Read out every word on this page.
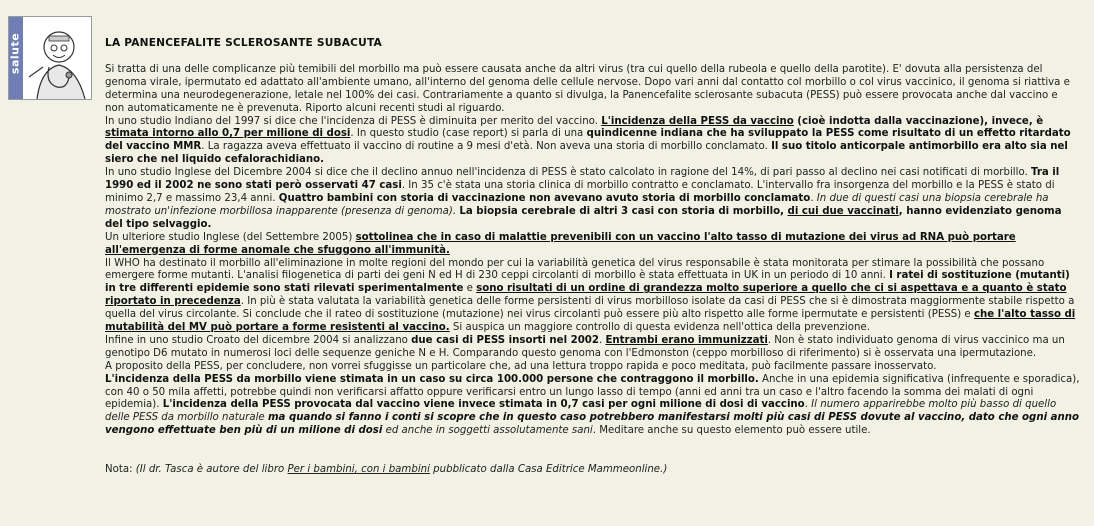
salute	LA PANENCEFALITE SCLEROSANTE SUBACUTA

Si tratta di una delle complicanze più temibili del morbillo ma può essere causata anche da altri virus (tra cui quello della rubeola e quello della parotite). E' dovuta alla persistenza del genoma virale, ipermutato ed adattato all'ambiente umano, all'interno del genoma delle cellule nervose. Dopo vari anni dal contatto col morbillo o col virus vaccinico, il genoma si riattiva e determina una neurodegenerazione, letale nel 100% dei casi. Contrariamente a quanto si divulga, la Panencefalite sclerosante subacuta (PESS) può essere provocata anche dal vaccino e non automaticamente ne è prevenuta. Riporto alcuni recenti studi al riguardo.

In uno studio Indiano del 1997 si dice che l'incidenza di PESS è diminuita per merito del vaccino. L'incidenza della PESS da vaccino (cioè indotta dalla vaccinazione), invece, è stimata intorno allo 0,7 per milione di dosi. In questo studio (case report) si parla di una quindicenne indiana che ha sviluppato la PESS come risultato di un effetto ritardato del vaccino MMR. La ragazza aveva effettuato il vaccino di routine a 9 mesi d'età. Non aveva una storia di morbillo conclamato. Il suo titolo anticorpale antimorbillo era alto sia nel siero che nel liquido cefalorachidiano.

In uno studio Inglese del Dicembre 2004 si dice che il declino annuo nell'incidenza di PESS è stato calcolato in ragione del 14%, di pari passo al declino nei casi notificati di morbillo. Tra il 1990 ed il 2002 ne sono stati però osservati 47 casi. In 35 c'è stata una storia clinica di morbillo contratto e conclamato. L'intervallo fra insorgenza del morbillo e la PESS è stato di minimo 2,7 e massimo 23,4 anni. Quattro bambini con storia di vaccinazione non avevano avuto storia di morbillo conclamato. In due di questi casi una biopsia cerebrale ha mostrato un'infezione morbillosa inapparente (presenza di genoma). La biopsia cerebrale di altri 3 casi con storia di morbillo, di cui due vaccinati, hanno evidenziato genoma del tipo selvaggio.

Un ulteriore studio Inglese (del Settembre 2005) sottolinea che in caso di malattie prevenibili con un vaccino l'alto tasso di mutazione dei virus ad RNA può portare all'emergenza di forme anomale che sfuggono all'immunità.

Il WHO ha destinato il morbillo all'eliminazione in molte regioni del mondo per cui la variabilità genetica del virus responsabile è stata monitorata per stimare la possibilità che possano emergere forme mutanti. L'analisi filogenetica di parti dei geni N ed H di 230 ceppi circolanti di morbillo è stata effettuata in UK in un periodo di 10 anni. I ratei di sostituzione (mutanti) in tre differenti epidemie sono stati rilevati sperimentalmente e sono risultati di un ordine di grandezza molto superiore a quello che ci si aspettava e a quanto è stato riportato in precedenza. In più è stata valutata la variabilità genetica delle forme persistenti di virus morbilloso isolate da casi di PESS che si è dimostrata maggiormente stabile rispetto a quella del virus circolante. Si conclude che il rateo di sostituzione (mutazione) nei virus circolanti può essere più alto rispetto alle forme ipermutate e persistenti (PESS) e che l'alto tasso di mutabilità del MV può portare a forme resistenti al vaccino. Si auspica un maggiore controllo di questa evidenza nell'ottica della prevenzione.

Infine in uno studio Croato del dicembre 2004 si analizzano due casi di PESS insorti nel 2002. Entrambi erano immunizzati. Non è stato individuato genoma di virus vaccinico ma un genotipo D6 mutato in numerosi loci delle sequenze geniche N e H. Comparando questo genoma con l'Edmonston (ceppo morbilloso di riferimento) si è osservata una ipermutazione.

A proposito della PESS, per concludere, non vorrei sfuggisse un particolare che, ad una lettura troppo rapida e poco meditata, può facilmente passare inosservato.

L'incidenza della PESS da morbillo viene stimata in un caso su circa 100.000 persone che contraggono il morbillo. Anche in una epidemia significativa (infrequente e sporadica), con 40 o 50 mila affetti, potrebbe quindi non verificarsi affatto oppure verificarsi entro un lungo lasso di tempo (anni ed anni tra un caso e l'altro facendo la somma dei malati di ogni epidemia). L'incidenza della PESS provocata dal vaccino viene invece stimata in 0,7 casi per ogni milione di dosi di vaccino. Il numero apparirebbe molto più basso di quello delle PESS da morbillo naturale ma quando si fanno i conti si scopre che in questo caso potrebbero manifestarsi molti più casi di PESS dovute al vaccino, dato che ogni anno vengono effettuate ben più di un milione di dosi ed anche in soggetti assolutamente sani. Meditare anche su questo elemento può essere utile.

Nota: (Il dr. Tasca è autore del libro Per i bambini, con i bambini pubblicato dalla Casa Editrice Mammeonline.)
